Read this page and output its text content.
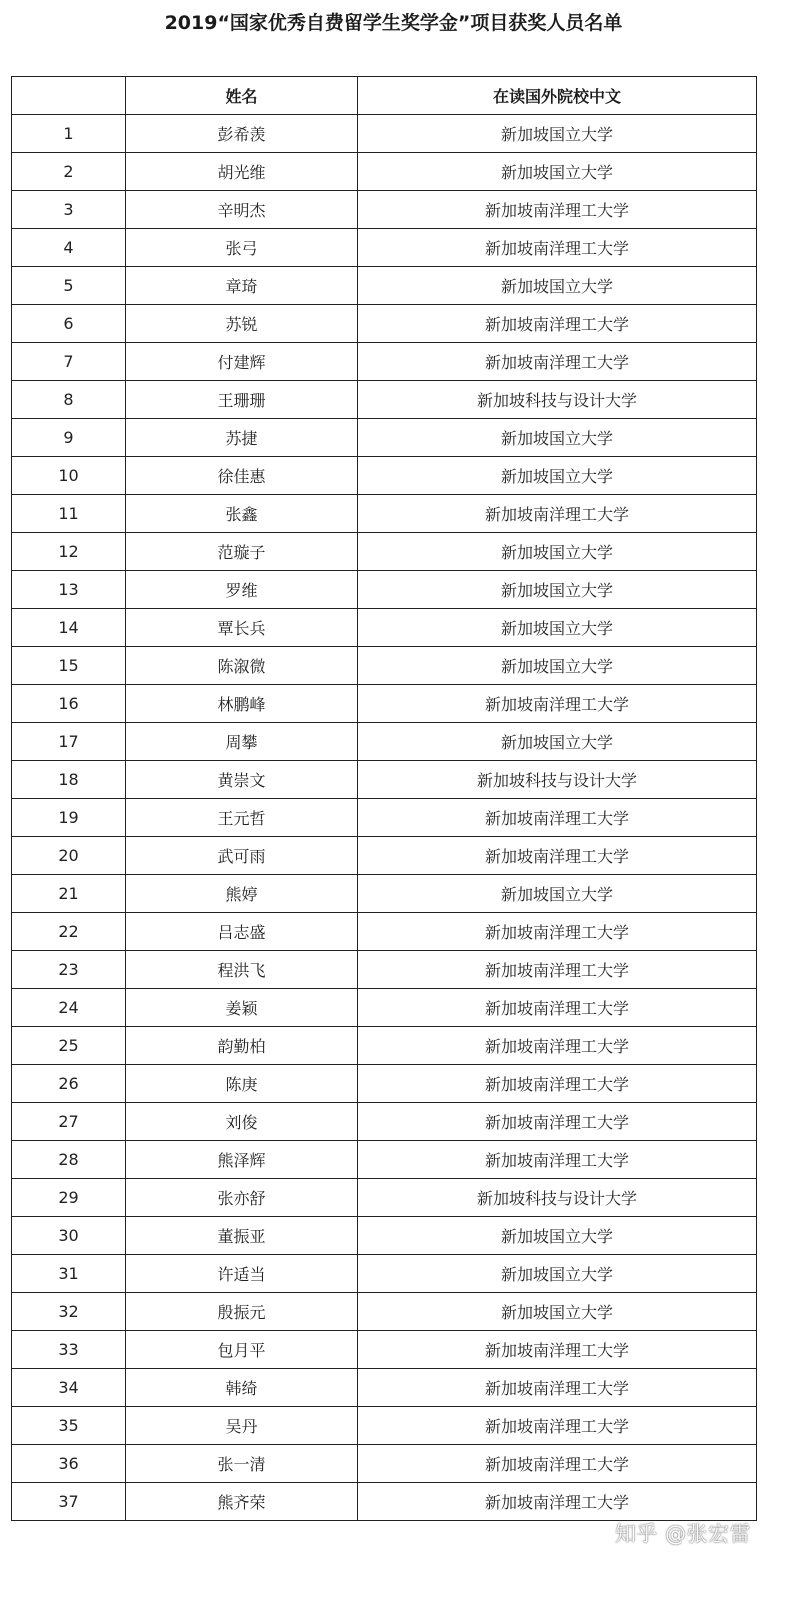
2019“国家优秀自费留学生奖学金”项目获奖人员名单
	姓名	在读国外院校中文
1	彭希羡	新加坡国立大学
2	胡光维	新加坡国立大学
3	辛明杰	新加坡南洋理工大学
4	张弓	新加坡南洋理工大学
5	章琦	新加坡国立大学
6	苏锐	新加坡南洋理工大学
7	付建辉	新加坡南洋理工大学
8	王珊珊	新加坡科技与设计大学
9	苏捷	新加坡国立大学
10	徐佳惠	新加坡国立大学
11	张鑫	新加坡南洋理工大学
12	范璇子	新加坡国立大学
13	罗维	新加坡国立大学
14	覃长兵	新加坡国立大学
15	陈溆微	新加坡国立大学
16	林鹏峰	新加坡南洋理工大学
17	周攀	新加坡国立大学
18	黄崇文	新加坡科技与设计大学
19	王元哲	新加坡南洋理工大学
20	武可雨	新加坡南洋理工大学
21	熊婷	新加坡国立大学
22	吕志盛	新加坡南洋理工大学
23	程洪飞	新加坡南洋理工大学
24	姜颖	新加坡南洋理工大学
25	韵勤柏	新加坡南洋理工大学
26	陈庚	新加坡南洋理工大学
27	刘俊	新加坡南洋理工大学
28	熊泽辉	新加坡南洋理工大学
29	张亦舒	新加坡科技与设计大学
30	董振亚	新加坡国立大学
31	许适当	新加坡国立大学
32	殷振元	新加坡国立大学
33	包月平	新加坡南洋理工大学
34	韩绮	新加坡南洋理工大学
35	吴丹	新加坡南洋理工大学
36	张一清	新加坡南洋理工大学
37	熊齐荣	新加坡南洋理工大学
知乎 @张宏雷
